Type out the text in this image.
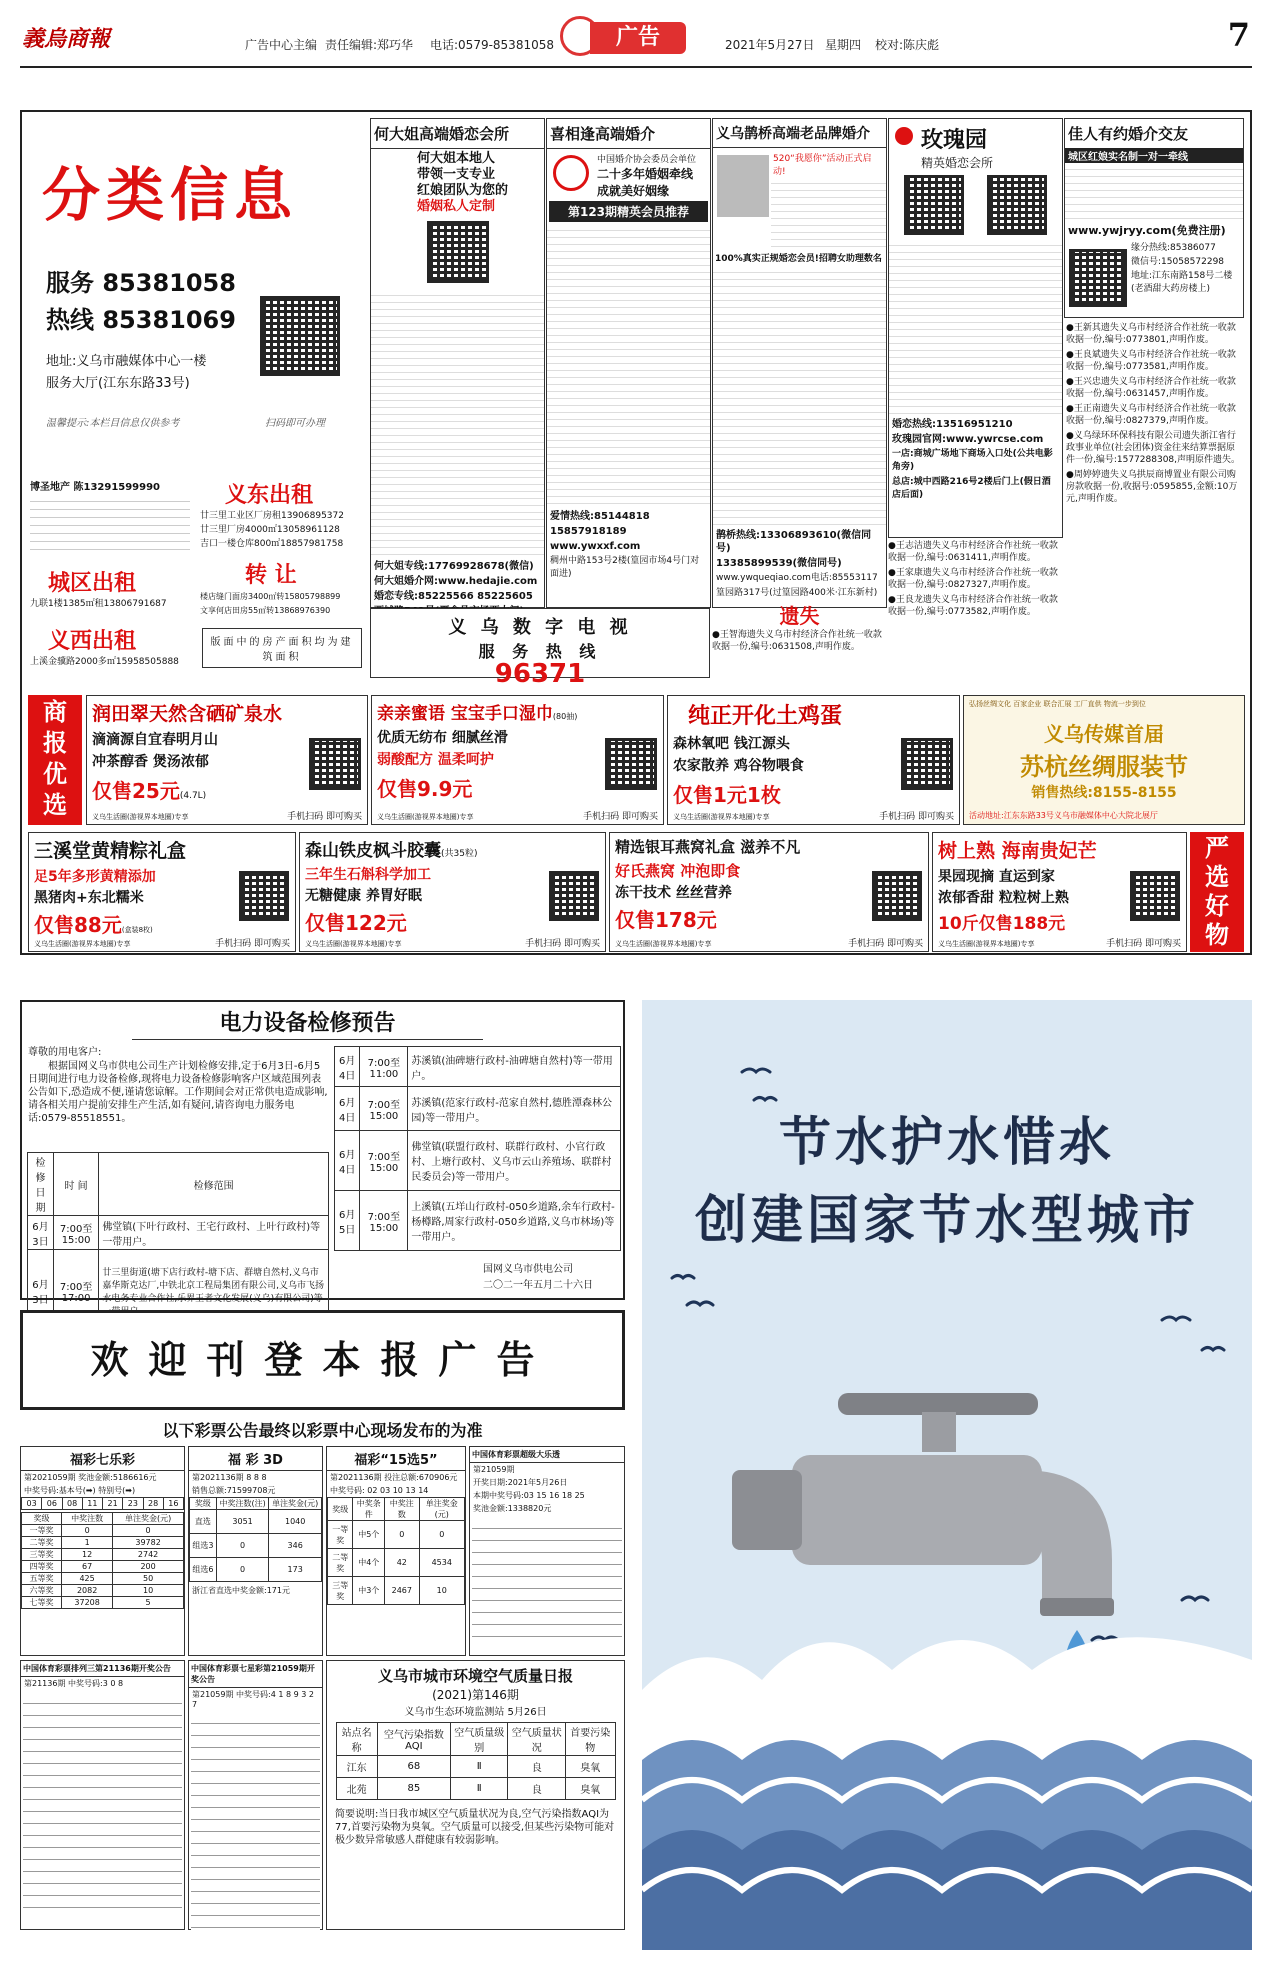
義烏商報	广告中心主编 责任编辑:郑巧华 电话:0579-85381058	广告	2021年5月27日 星期四 校对:陈庆彪	7
分类信息
服务 85381058
热线 85381069
地址:义乌市融媒体中心一楼
服务大厅(江东东路33号)
温馨提示:本栏目信息仅供参考	扫码即可办理
何大姐高端婚恋会所
何大姐本地人
带领一支专业
红娘团队为您的
婚姻私人定制
何大姐专线:17769928678(微信)
何大姐婚介网:www.hedajie.com
婚恋专线:85225566 85225605
喜相逢高端婚介
中国婚介协会委员会单位
二十多年婚姻牵线
成就美好姻缘
第123期精英会员推荐
爱情热线:85144818
15857918189
www.ywxxf.com
稠州中路153号2楼(篁园市场4号门对面进)
义乌鹊桥高端老品牌婚介
520“我愿你”活动正式启动!
100%真实正规婚恋会员!招聘女助理数名
鹊桥热线:13306893610(微信同号)
13385899539(微信同号)
www.ywqueqiao.com电话:85553117
篁园路317号(过篁园路400米·江东新村)
玫瑰园
精英婚恋会所
婚恋热线:13516951210
玫瑰园官网:www.ywrcse.com
一店:商城广场地下商场入口处(公共电影角旁)
总店:城中西路216号2楼后门上(假日酒店后面)
佳人有约婚介交友
城区红娘实名制一对一牵线
www.ywjryy.com(免费注册)
缘分热线:85386077
微信号:15058572298
地址:江东南路158号二楼(老酒甜大药房楼上)
博圣地产 陈13291599990	义东出租
廿三里工业区厂房租13906895372
廿三里厂房4000㎡13058961128
吉口一楼仓库800㎡18857981758
城区出租
九联1楼1385㎡租13806791687
转 让
楼店缝门面房3400㎡转15805798899
文享何店田房55㎡转13868976390
义西出租
上溪金骥路2000多㎡15958505888
版面中的房产面积均为建筑面积
义 乌 数 字 电 视
服 务 热 线
96371
遗失
●王智海遗失义乌市村经济合作社统一收款收据一份,编号:0631508,声明作废。
●王志洁遗失义乌市村经济合作社统一收款收据一份,编号:0631411,声明作废。
●王家康遗失义乌市村经济合作社统一收款收据一份,编号:0827327,声明作废。
●王良龙遗失义乌市村经济合作社统一收款收据一份,编号:0773582,声明作废。
●王新其遗失义乌市村经济合作社统一收款收据一份,编号:0773801,声明作废。
●王良斌遗失义乌市村经济合作社统一收款收据一份,编号:0773581,声明作废。
●王兴忠遗失义乌市村经济合作社统一收款收据一份,编号:0631457,声明作废。
●王正南遗失义乌市村经济合作社统一收款收据一份,编号:0827379,声明作废。
●义乌绿环环保科技有限公司遗失浙江省行政事业单位(社会团体)资金往来结算票据原件一份,编号:1577288308,声明原件遗失。
●周婷婷遗失义乌拱辰商博置业有限公司购房款收据一份,收据号:0595855,金额:10万元,声明作废。
商
报
优
选
润田翠天然含硒矿泉水
滴滴源自宜春明月山
冲茶醇香 煲汤浓郁
仅售25元(4.7L)
义乌生活圈(游视界本地圈)专享	手机扫码 即可购买
亲亲蜜语 宝宝手口湿巾(80抽)
优质无纺布 细腻丝滑
弱酸配方 温柔呵护
仅售9.9元
义乌生活圈(游视界本地圈)专享	手机扫码 即可购买
纯正开化土鸡蛋
森林氧吧 钱江源头
农家散养 鸡谷物喂食
仅售1元1枚
义乌生活圈(游视界本地圈)专享	手机扫码 即可购买
弘扬丝绸文化 百家企业 联合汇展 工厂直供 物流一步到位
义乌传媒首届
苏杭丝绸服装节
销售热线:8155-8155
活动地址:江东东路33号义乌市融媒体中心大院北展厅
三溪堂黄精粽礼盒
足5年多形黄精添加
黑猪肉+东北糯米
仅售88元(盒装8枚)
义乌生活圈(游视界本地圈)专享	手机扫码 即可购买
森山铁皮枫斗胶囊(共35粒)
三年生石斛科学加工
无糖健康 养胃好眠
仅售122元
义乌生活圈(游视界本地圈)专享	手机扫码 即可购买
精选银耳燕窝礼盒 滋养不凡
好氏燕窝 冲泡即食
冻干技术 丝丝营养
仅售178元
义乌生活圈(游视界本地圈)专享	手机扫码 即可购买
树上熟 海南贵妃芒
果园现摘 直运到家
浓郁香甜 粒粒树上熟
10斤仅售188元
义乌生活圈(游视界本地圈)专享	手机扫码 即可购买
严
选
好
物
电力设备检修预告
尊敬的用电客户:
根据国网义乌市供电公司生产计划检修安排,定于6月3日-6月5日期间进行电力设备检修,现将电力设备检修影响客户区域范围列表公告如下,恐造成不便,谨请您谅解。工作期间会对正常供电造成影响,请各相关用户提前安排生产生活,如有疑问,请咨询电力服务电话:0579-85518551。
检修日期	时 间	检修范围
6月3日	7:00至15:00	佛堂镇(下叶行政村、王宅行政村、上叶行政村)等一带用户。
6月3日	7:00至17:00	廿三里街道(塘下店行政村-塘下店、群塘自然村,义乌市嘉华斯克达厂,中铁北京工程局集团有限公司,义乌市飞扬水电务专业合作社,乐界王者文化发展(义乌)有限公司)等
6月4日	7:00至11:00	苏溪镇(油碑塘行政村-油碑塘自然村)等一带用户。
6月4日	7:00至15:00	苏溪镇(范家行政村-范家自然村,德胜潭森林公园)等一带用户。
6月4日	7:00至15:00	佛堂镇(联盟行政村、联群行政村、小官行政村、上塘行政村、义乌市云山养殖场、联群村民委员会)等一带用户。
6月5日	7:00至15:00	上溪镇(五垟山行政村-050乡道路,余车行政村-杨樽路,周家行政村-050乡道路,义乌市林场)等一带用户。
国网义乌市供电公司
二〇二一年五月二十六日
欢迎刊登本报广告
以下彩票公告最终以彩票中心现场发布的为准
福彩七乐彩
第2021059期 奖池金额:5186616元
中奖号码:基本号(➡) 特别号(➡)
03	06	08	11	21	23	28	16
奖级	中奖注数	单注奖金(元)
一等奖	0	0
二等奖	1	39782
三等奖	12	2742
四等奖	67	200
五等奖	425	50
六等奖	2082	10
七等奖	37208	5
福 彩 3D
第2021136期 8 8 8
销售总额:71599708元
奖级	中奖注数(注)	单注奖金(元)
直选	3051	1040
组选3	0	346
组选6	0	173
浙江省直选中奖金额:171元
福彩“15选5”
第2021136期 投注总额:670906元
中奖号码: 02 03 10 13 14
奖级	中奖条件	中奖注数	单注奖金(元)
一等奖	中5个	0	0
二等奖	中4个	42	4534
三等奖	中3个	2467	10
中国体育彩票超级大乐透
第21059期
开奖日期:2021年5月26日
本期中奖号码:03 15 16 18 25
奖池金额:1338820元
中国体育彩票排列三第21136期开奖公告
第21136期 中奖号码:3 0 8
中国体育彩票七星彩第21059期开奖公告
第21059期 中奖号码:4 1 8 9 3 2 7
义乌市城市环境空气质量日报
(2021)第146期
义乌市生态环境监测站 5月26日
站点名称	空气污染指数AQI	空气质量级别	空气质量状况	首要污染物
江东	68	Ⅱ	良	臭氧
北苑	85	Ⅱ	良	臭氧
简要说明:当日我市城区空气质量状况为良,空气污染指数AQI为77,首要污染物为臭氧。空气质量可以接受,但某些污染物可能对极少数异常敏感人群健康有较弱影响。
节水护水惜水
创建国家节水型城市
